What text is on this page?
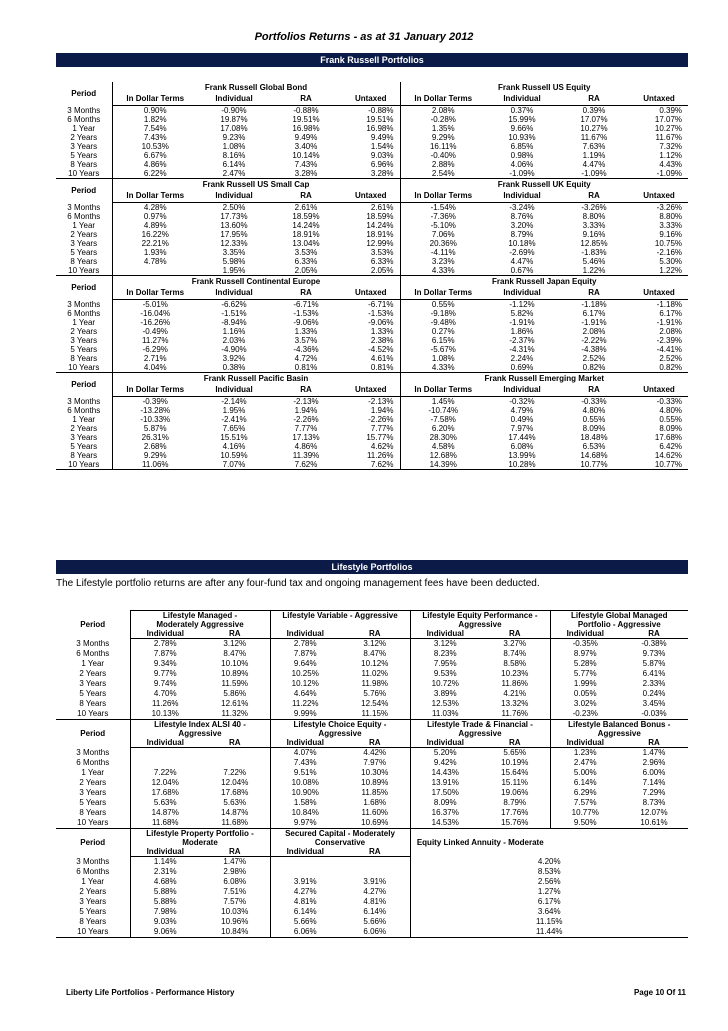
Portfolios Returns - as at 31 January 2012
Frank Russell Portfolios
Period	Frank Russell Global Bond				Frank Russell US Equity			
	In Dollar Terms	Individual	RA	Untaxed	In Dollar Terms	Individual	RA	Untaxed
3 Months	0.90%	-0.90%	-0.88%	-0.88%	2.08%	0.37%	0.39%	0.39%
6 Months	1.82%	19.87%	19.51%	19.51%	-0.28%	15.99%	17.07%	17.07%
1 Year	7.54%	17.08%	16.98%	16.98%	1.35%	9.66%	10.27%	10.27%
2 Years	7.43%	9.23%	9.49%	9.49%	9.29%	10.93%	11.67%	11.67%
3 Years	10.53%	1.08%	3.40%	1.54%	16.11%	6.85%	7.63%	7.32%
5 Years	6.67%	8.16%	10.14%	9.03%	-0.40%	0.98%	1.19%	1.12%
8 Years	4.86%	6.14%	7.43%	6.96%	2.88%	4.06%	4.47%	4.43%
10 Years	6.22%	2.47%	3.28%	3.28%	2.54%	-1.09%	-1.09%	-1.09%
Period	Frank Russell US Small Cap				Frank Russell UK Equity			
	In Dollar Terms	Individual	RA	Untaxed	In Dollar Terms	Individual	RA	Untaxed
3 Months	4.28%	2.50%	2.61%	2.61%	-1.54%	-3.24%	-3.26%	-3.26%
6 Months	0.97%	17.73%	18.59%	18.59%	-7.36%	8.76%	8.80%	8.80%
1 Year	4.89%	13.60%	14.24%	14.24%	-5.10%	3.20%	3.33%	3.33%
2 Years	16.22%	17.95%	18.91%	18.91%	7.06%	8.79%	9.16%	9.16%
3 Years	22.21%	12.33%	13.04%	12.99%	20.36%	10.18%	12.85%	10.75%
5 Years	1.93%	3.35%	3.53%	3.53%	-4.11%	-2.69%	-1.83%	-2.16%
8 Years	4.78%	5.98%	6.33%	6.33%	3.23%	4.47%	5.46%	5.30%
10 Years		1.95%	2.05%	2.05%	4.33%	0.67%	1.22%	1.22%
Period	Frank Russell Continental Europe				Frank Russell Japan Equity			
	In Dollar Terms	Individual	RA	Untaxed	In Dollar Terms	Individual	RA	Untaxed
3 Months	-5.01%	-6.62%	-6.71%	-6.71%	0.55%	-1.12%	-1.18%	-1.18%
6 Months	-16.04%	-1.51%	-1.53%	-1.53%	-9.18%	5.82%	6.17%	6.17%
1 Year	-16.26%	-8.94%	-9.06%	-9.06%	-9.48%	-1.91%	-1.91%	-1.91%
2 Years	-0.49%	1.16%	1.33%	1.33%	0.27%	1.86%	2.08%	2.08%
3 Years	11.27%	2.03%	3.57%	2.38%	6.15%	-2.37%	-2.22%	-2.39%
5 Years	-6.29%	-4.90%	-4.36%	-4.52%	-5.67%	-4.31%	-4.38%	-4.41%
8 Years	2.71%	3.92%	4.72%	4.61%	1.08%	2.24%	2.52%	2.52%
10 Years	4.04%	0.38%	0.81%	0.81%	4.33%	0.69%	0.82%	0.82%
Period	Frank Russell Pacific Basin				Frank Russell Emerging Market			
	In Dollar Terms	Individual	RA	Untaxed	In Dollar Terms	Individual	RA	Untaxed
3 Months	-0.39%	-2.14%	-2.13%	-2.13%	1.45%	-0.32%	-0.33%	-0.33%
6 Months	-13.28%	1.95%	1.94%	1.94%	-10.74%	4.79%	4.80%	4.80%
1 Year	-10.33%	-2.41%	-2.26%	-2.26%	-7.58%	0.49%	0.55%	0.55%
2 Years	5.87%	7.65%	7.77%	7.77%	6.20%	7.97%	8.09%	8.09%
3 Years	26.31%	15.51%	17.13%	15.77%	28.30%	17.44%	18.48%	17.68%
5 Years	2.68%	4.16%	4.86%	4.62%	4.58%	6.08%	6.53%	6.42%
8 Years	9.29%	10.59%	11.39%	11.26%	12.68%	13.99%	14.68%	14.62%
10 Years	11.06%	7.07%	7.62%	7.62%	14.39%	10.28%	10.77%	10.77%
Lifestyle Portfolios
The Lifestyle portfolio returns are after any four-fund tax and ongoing management fees have been deducted.
Period	Lifestyle Managed -		Lifestyle Variable - Aggressive		Lifestyle Equity Performance -		Lifestyle Global Managed	
	Moderately Aggressive				Aggressive		Portfolio - Aggressive	
	Individual	RA	Individual	RA	Individual	RA	Individual	RA
3 Months	2.78%	3.12%	2.78%	3.12%	3.12%	3.27%	-0.35%	-0.38%
6 Months	7.87%	8.47%	7.87%	8.47%	8.23%	8.74%	8.97%	9.73%
1 Year	9.34%	10.10%	9.64%	10.12%	7.95%	8.58%	5.28%	5.87%
2 Years	9.77%	10.89%	10.25%	11.02%	9.53%	10.23%	5.77%	6.41%
3 Years	9.74%	11.59%	10.12%	11.98%	10.72%	11.86%	1.99%	2.33%
5 Years	4.70%	5.86%	4.64%	5.76%	3.89%	4.21%	0.05%	0.24%
8 Years	11.26%	12.61%	11.22%	12.54%	12.53%	13.32%	3.02%	3.45%
10 Years	10.13%	11.32%	9.99%	11.15%	11.03%	11.76%	-0.23%	-0.03%
Period	Lifestyle Index ALSI 40 -		Lifestyle Choice Equity -		Lifestyle Trade & Financial -		Lifestyle Balanced Bonus -	
	Aggressive		Aggressive		Aggressive		Aggressive	
	Individual	RA	Individual	RA	Individual	RA	Individual	RA
3 Months			4.07%	4.42%	5.20%	5.65%	1.23%	1.47%
6 Months			7.43%	7.97%	9.42%	10.19%	2.47%	2.96%
1 Year	7.22%	7.22%	9.51%	10.30%	14.43%	15.64%	5.00%	6.00%
2 Years	12.04%	12.04%	10.08%	10.89%	13.91%	15.11%	6.14%	7.14%
3 Years	17.68%	17.68%	10.90%	11.85%	17.50%	19.06%	6.29%	7.29%
5 Years	5.63%	5.63%	1.58%	1.68%	8.09%	8.79%	7.57%	8.73%
8 Years	14.87%	14.87%	10.84%	11.60%	16.37%	17.76%	10.77%	12.07%
10 Years	11.68%	11.68%	9.97%	10.69%	14.53%	15.76%	9.50%	10.61%
Period	Lifestyle Property Portfolio -		Secured Capital - Moderately		Equity Linked Annuity - Moderate			
	Moderate		Conservative					
	Individual	RA	Individual	RA				
3 Months	1.14%	1.47%			4.20%			
6 Months	2.31%	2.98%			8.53%			
1 Year	4.68%	6.08%	3.91%	3.91%	2.56%			
2 Years	5.88%	7.51%	4.27%	4.27%	1.27%			
3 Years	5.88%	7.57%	4.81%	4.81%	6.17%			
5 Years	7.98%	10.03%	6.14%	6.14%	3.64%			
8 Years	9.03%	10.96%	5.66%	5.66%	11.15%			
10 Years	9.06%	10.84%	6.06%	6.06%	11.44%			
Liberty Life Portfolios - Performance History	Page 10 Of 11
